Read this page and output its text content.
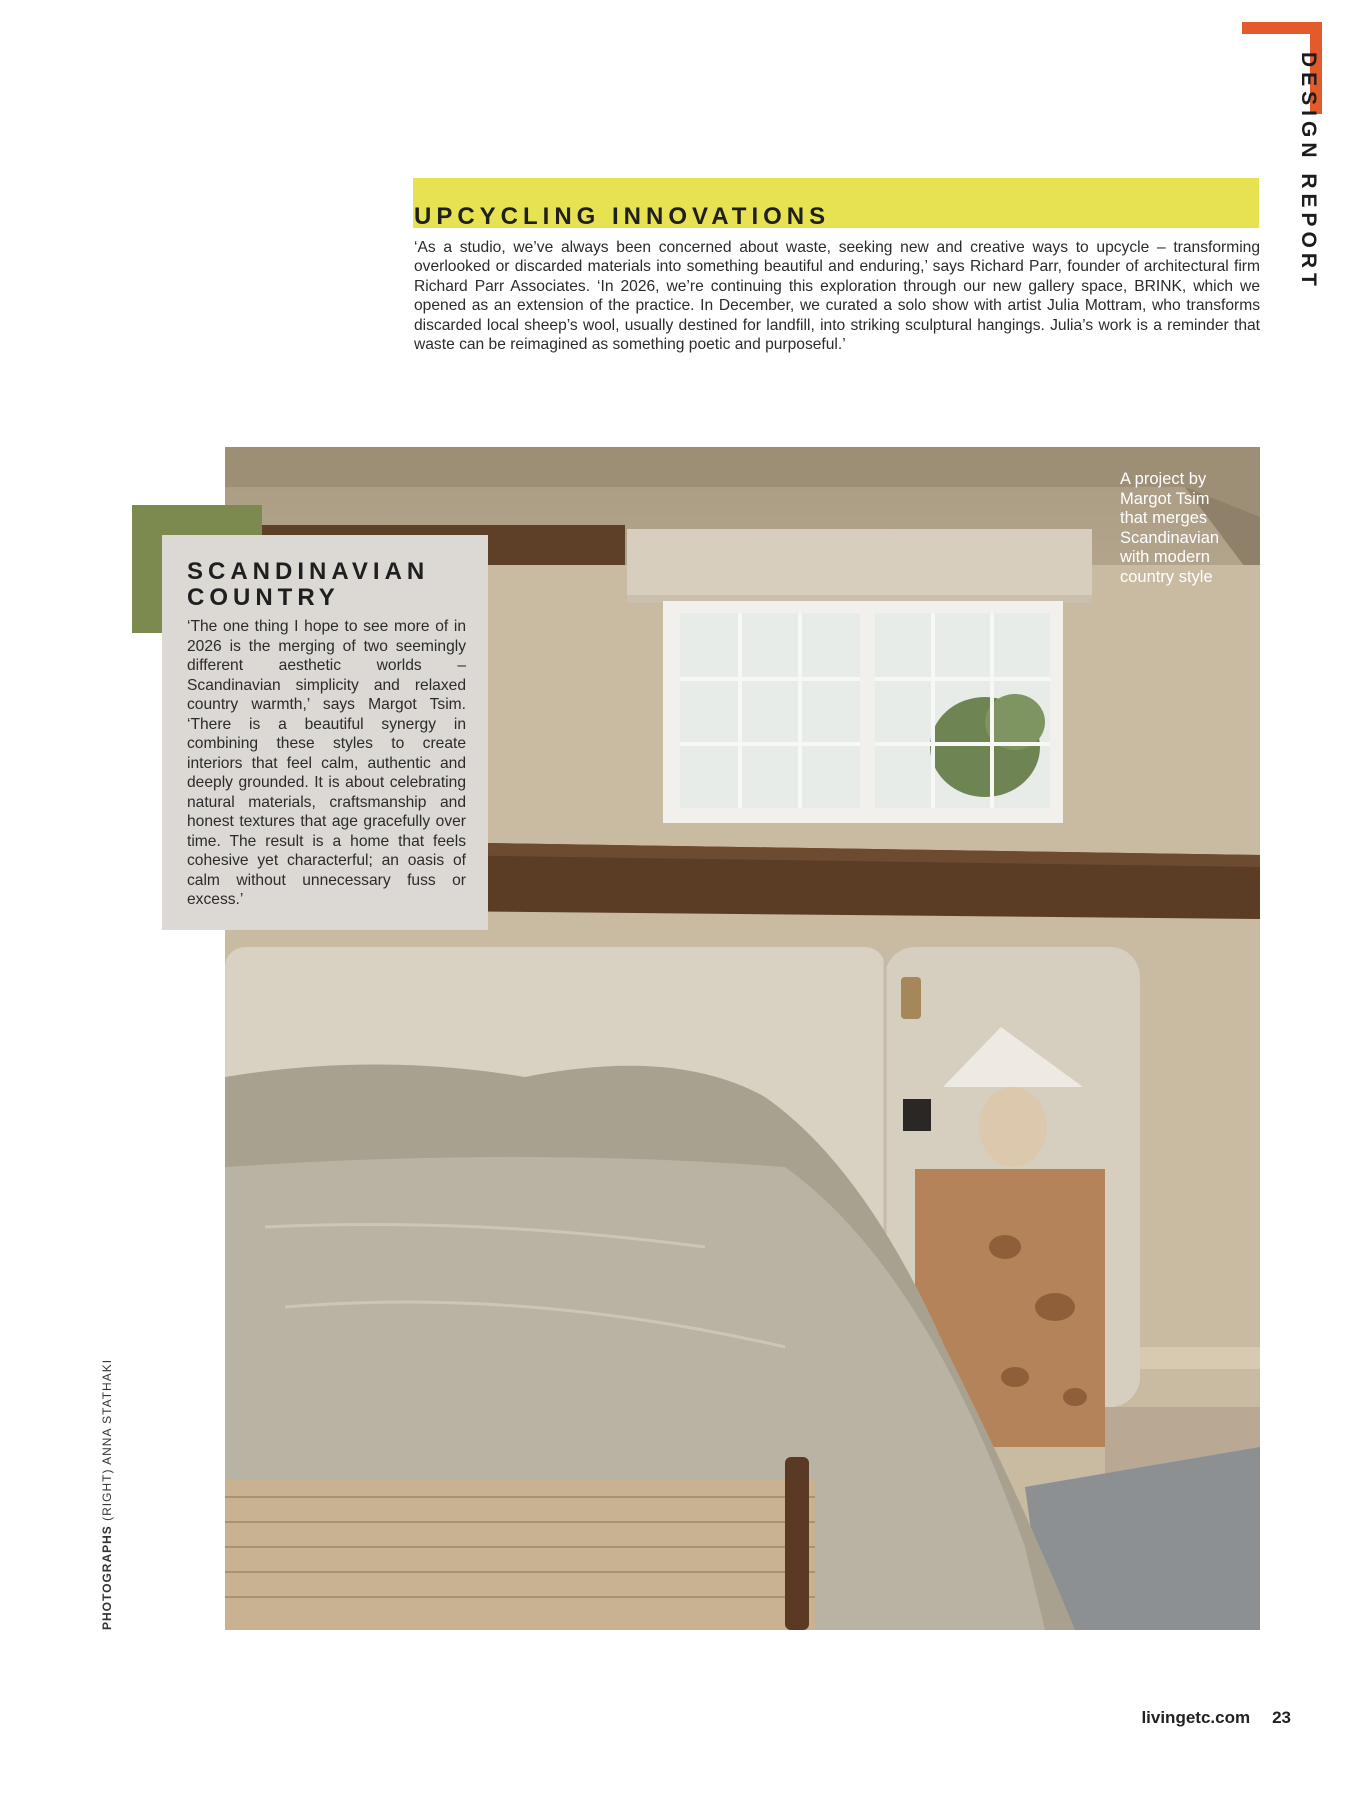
DESIGN REPORT
UPCYCLING INNOVATIONS

‘As a studio, we’ve always been concerned about waste, seeking new and creative ways to upcycle – transforming overlooked or discarded materials into something beautiful and enduring,’ says Richard Parr, founder of architectural firm Richard Parr Associates. ‘In 2026, we’re continuing this exploration through our new gallery space, BRINK, which we opened as an extension of the practice. In December, we curated a solo show with artist Julia Mottram, who transforms discarded local sheep’s wool, usually destined for landfill, into striking sculptural hangings. Julia’s work is a reminder that waste can be reimagined as something poetic and purposeful.’

A project by Margot Tsim that merges Scandinavian with modern country style

SCANDINAVIAN
COUNTRY

‘The one thing I hope to see more of in 2026 is the merging of two seemingly different aesthetic worlds – Scandinavian simplicity and relaxed country warmth,’ says Margot Tsim. ‘There is a beautiful synergy in combining these styles to create interiors that feel calm, authentic and deeply grounded. It is about celebrating natural materials, craftsmanship and honest textures that age gracefully over time. The result is a home that feels cohesive yet characterful; an oasis of calm without unnecessary fuss or excess.’

PHOTOGRAPHS (RIGHT) ANNA STATHAKI
livingetc.com 23
